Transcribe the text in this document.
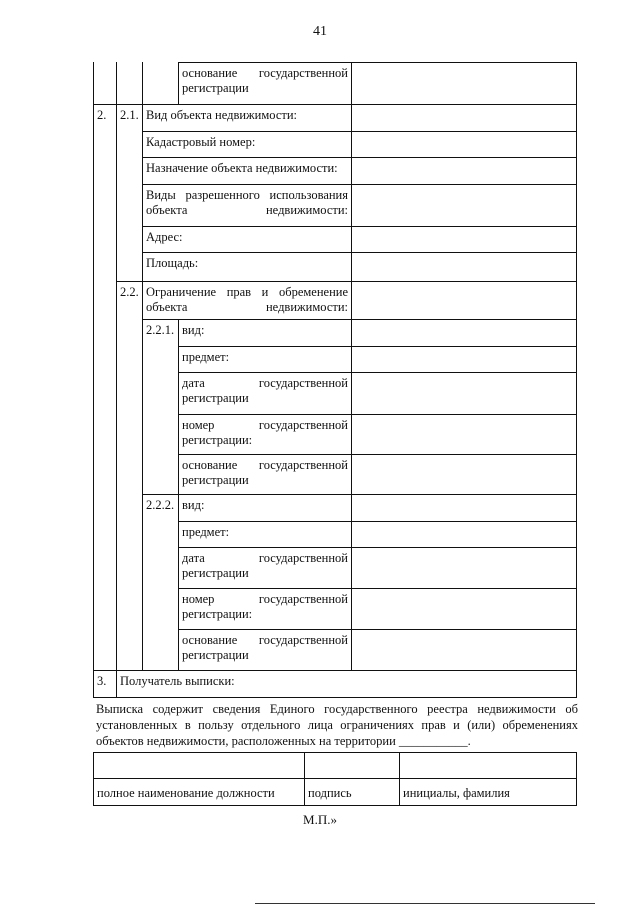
41
основание государственной регистрации
2.	2.1. Вид объекта недвижимости:
Кадастровый номер:
Назначение объекта недвижимости:
Виды разрешенного использования объекта недвижимости:
Адрес:
Площадь:
2.2. Ограничение прав и обременение объекта недвижимости:
2.2.1. вид:
предмет:
дата государственной регистрации
номер государственной регистрации:
основание государственной регистрации
2.2.2. вид:
предмет:
дата государственной регистрации
номер государственной регистрации:
основание государственной регистрации
3.	Получатель выписки:
Выписка содержит сведения Единого государственного реестра недвижимости об
установленных в пользу отдельного лица ограничениях прав и (или) обременениях
объектов недвижимости, расположенных на территории ___________.
полное наименование должности	подпись	инициалы, фамилия
М.П.»
